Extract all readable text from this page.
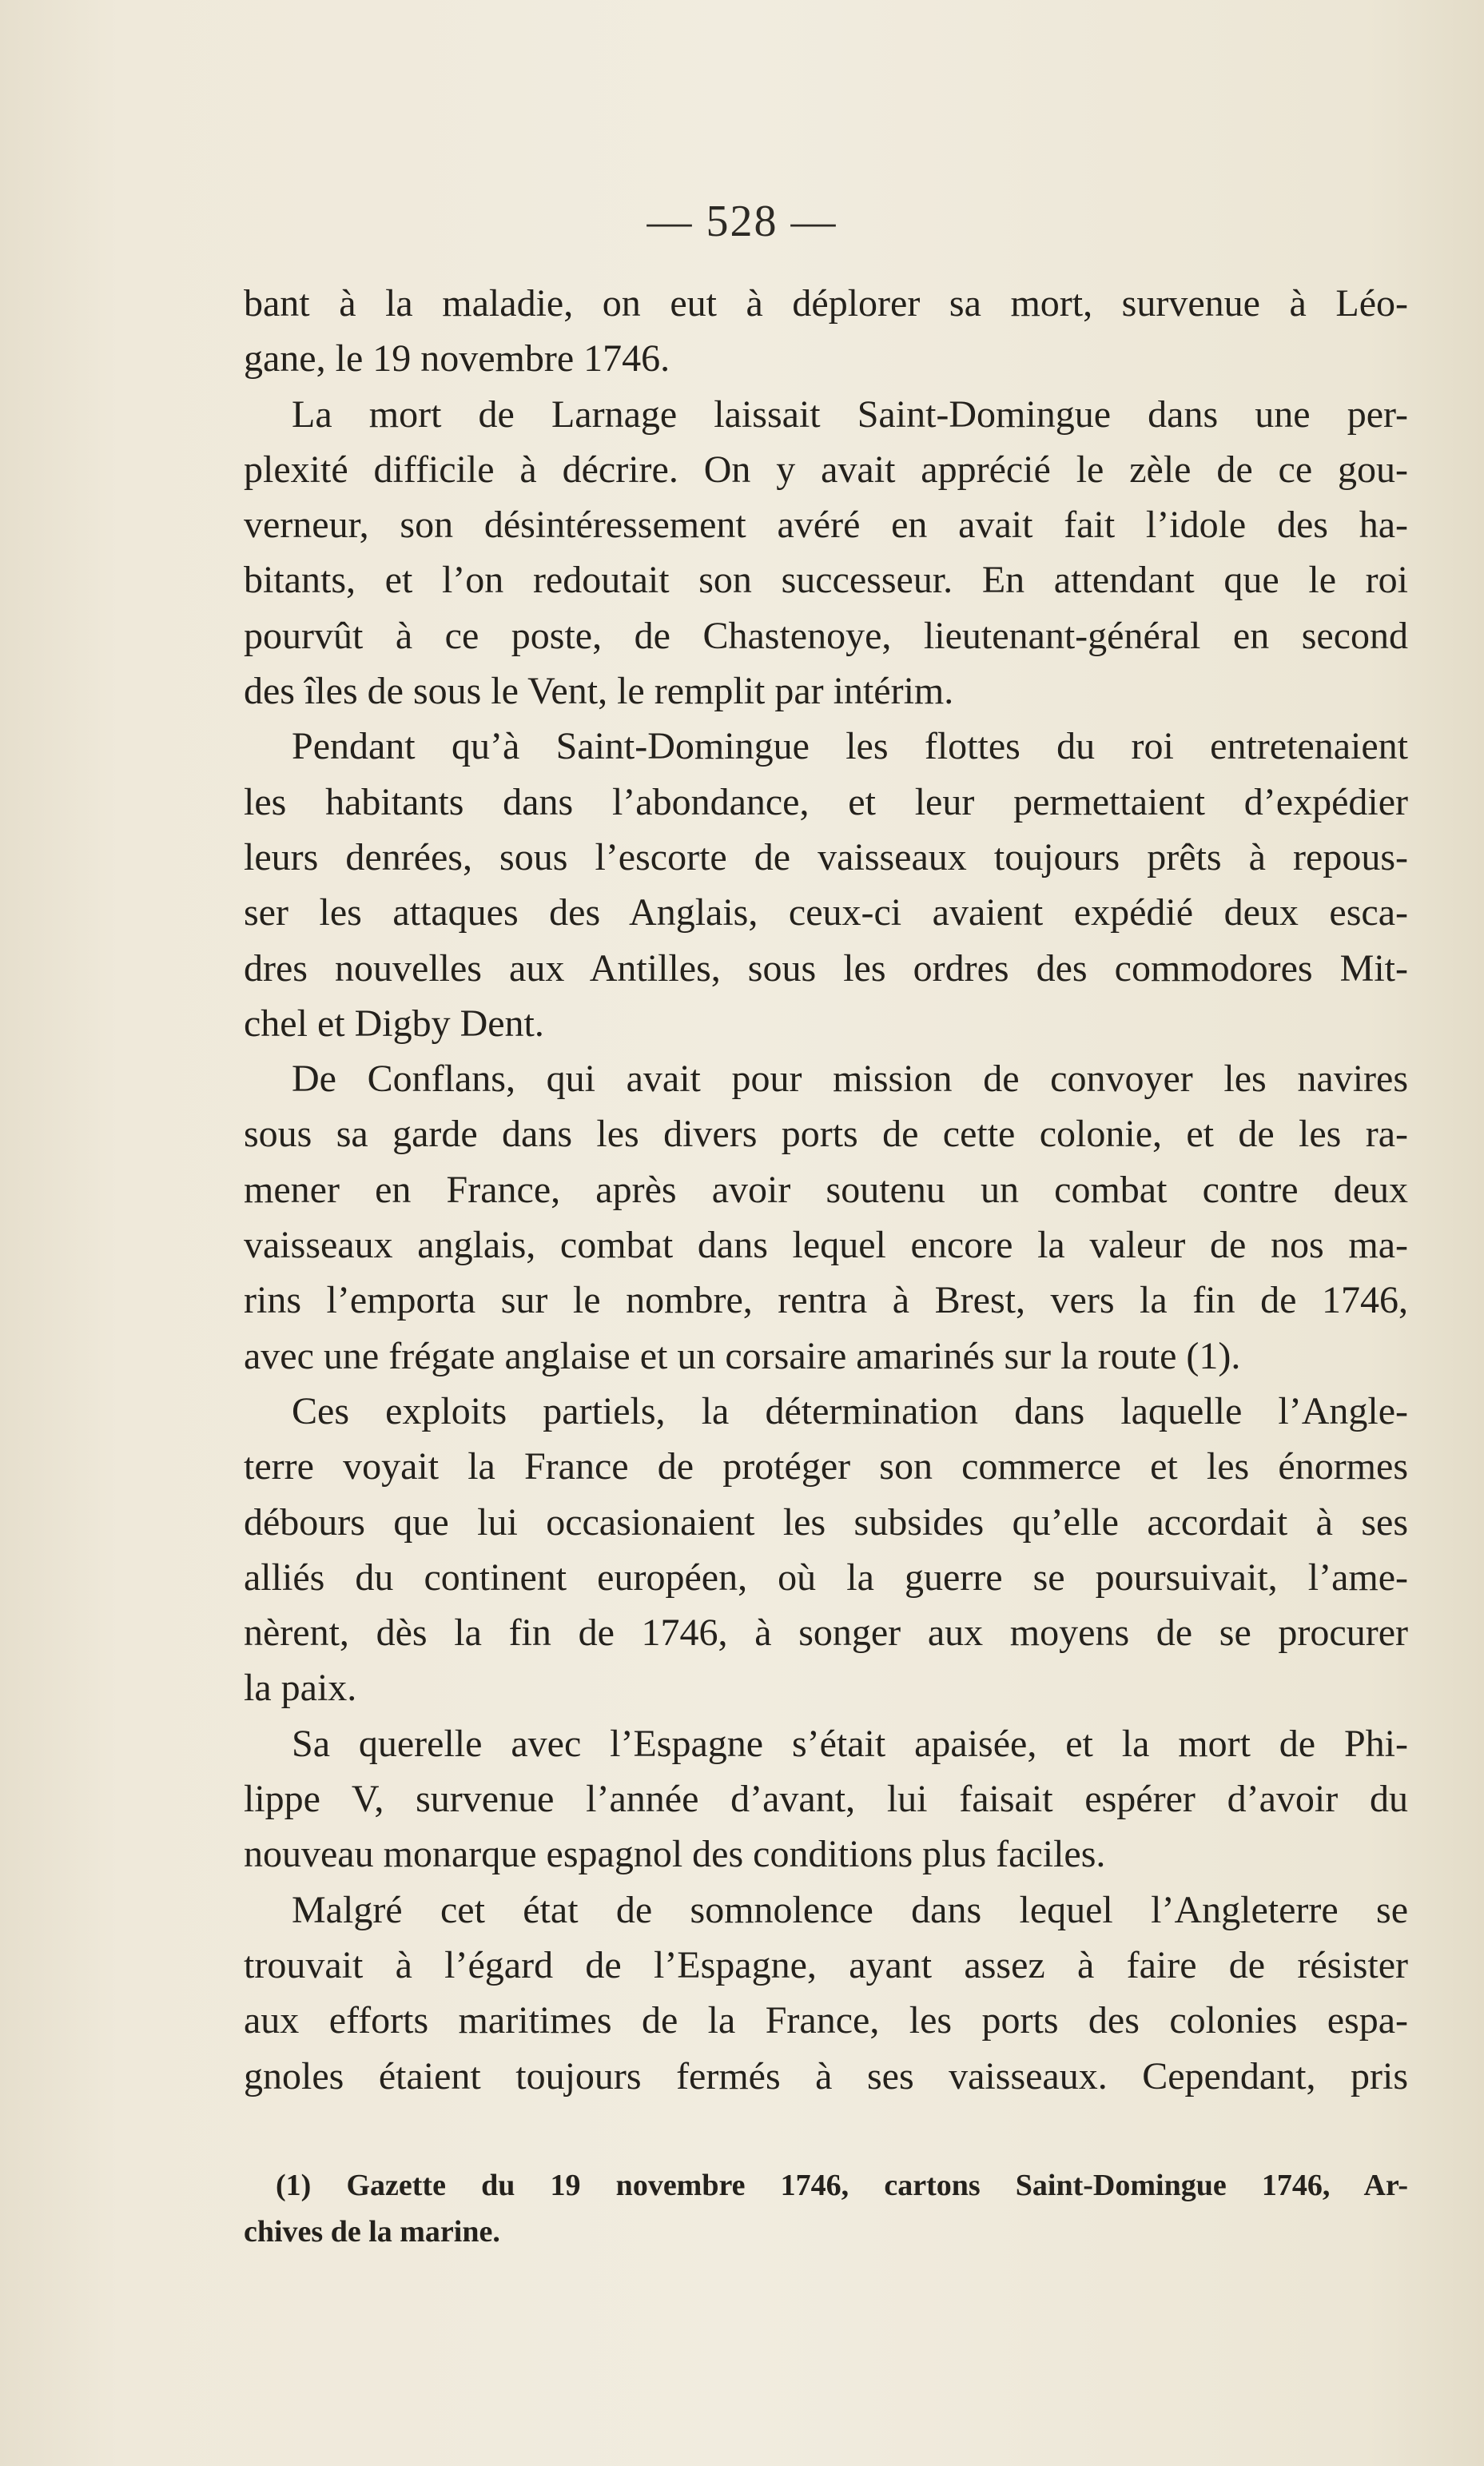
— 528 —
bant à la maladie, on eut à déplorer sa mort, survenue à Léo-
gane, le 19 novembre 1746.
La mort de Larnage laissait Saint-Domingue dans une per-
plexité difficile à décrire. On y avait apprécié le zèle de ce gou-
verneur, son désintéressement avéré en avait fait l’idole des ha-
bitants, et l’on redoutait son successeur. En attendant que le roi
pourvût à ce poste, de Chastenoye, lieutenant-général en second
des îles de sous le Vent, le remplit par intérim.
Pendant qu’à Saint-Domingue les flottes du roi entretenaient
les habitants dans l’abondance, et leur permettaient d’expédier
leurs denrées, sous l’escorte de vaisseaux toujours prêts à repous-
ser les attaques des Anglais, ceux-ci avaient expédié deux esca-
dres nouvelles aux Antilles, sous les ordres des commodores Mit-
chel et Digby Dent.
De Conflans, qui avait pour mission de convoyer les navires
sous sa garde dans les divers ports de cette colonie, et de les ra-
mener en France, après avoir soutenu un combat contre deux
vaisseaux anglais, combat dans lequel encore la valeur de nos ma-
rins l’emporta sur le nombre, rentra à Brest, vers la fin de 1746,
avec une frégate anglaise et un corsaire amarinés sur la route (1).
Ces exploits partiels, la détermination dans laquelle l’Angle-
terre voyait la France de protéger son commerce et les énormes
débours que lui occasionaient les subsides qu’elle accordait à ses
alliés du continent européen, où la guerre se poursuivait, l’ame-
nèrent, dès la fin de 1746, à songer aux moyens de se procurer
la paix.
Sa querelle avec l’Espagne s’était apaisée, et la mort de Phi-
lippe V, survenue l’année d’avant, lui faisait espérer d’avoir du
nouveau monarque espagnol des conditions plus faciles.
Malgré cet état de somnolence dans lequel l’Angleterre se
trouvait à l’égard de l’Espagne, ayant assez à faire de résister
aux efforts maritimes de la France, les ports des colonies espa-
gnoles étaient toujours fermés à ses vaisseaux. Cependant, pris
(1) Gazette du 19 novembre 1746, cartons Saint-Domingue 1746, Ar-
chives de la marine.
